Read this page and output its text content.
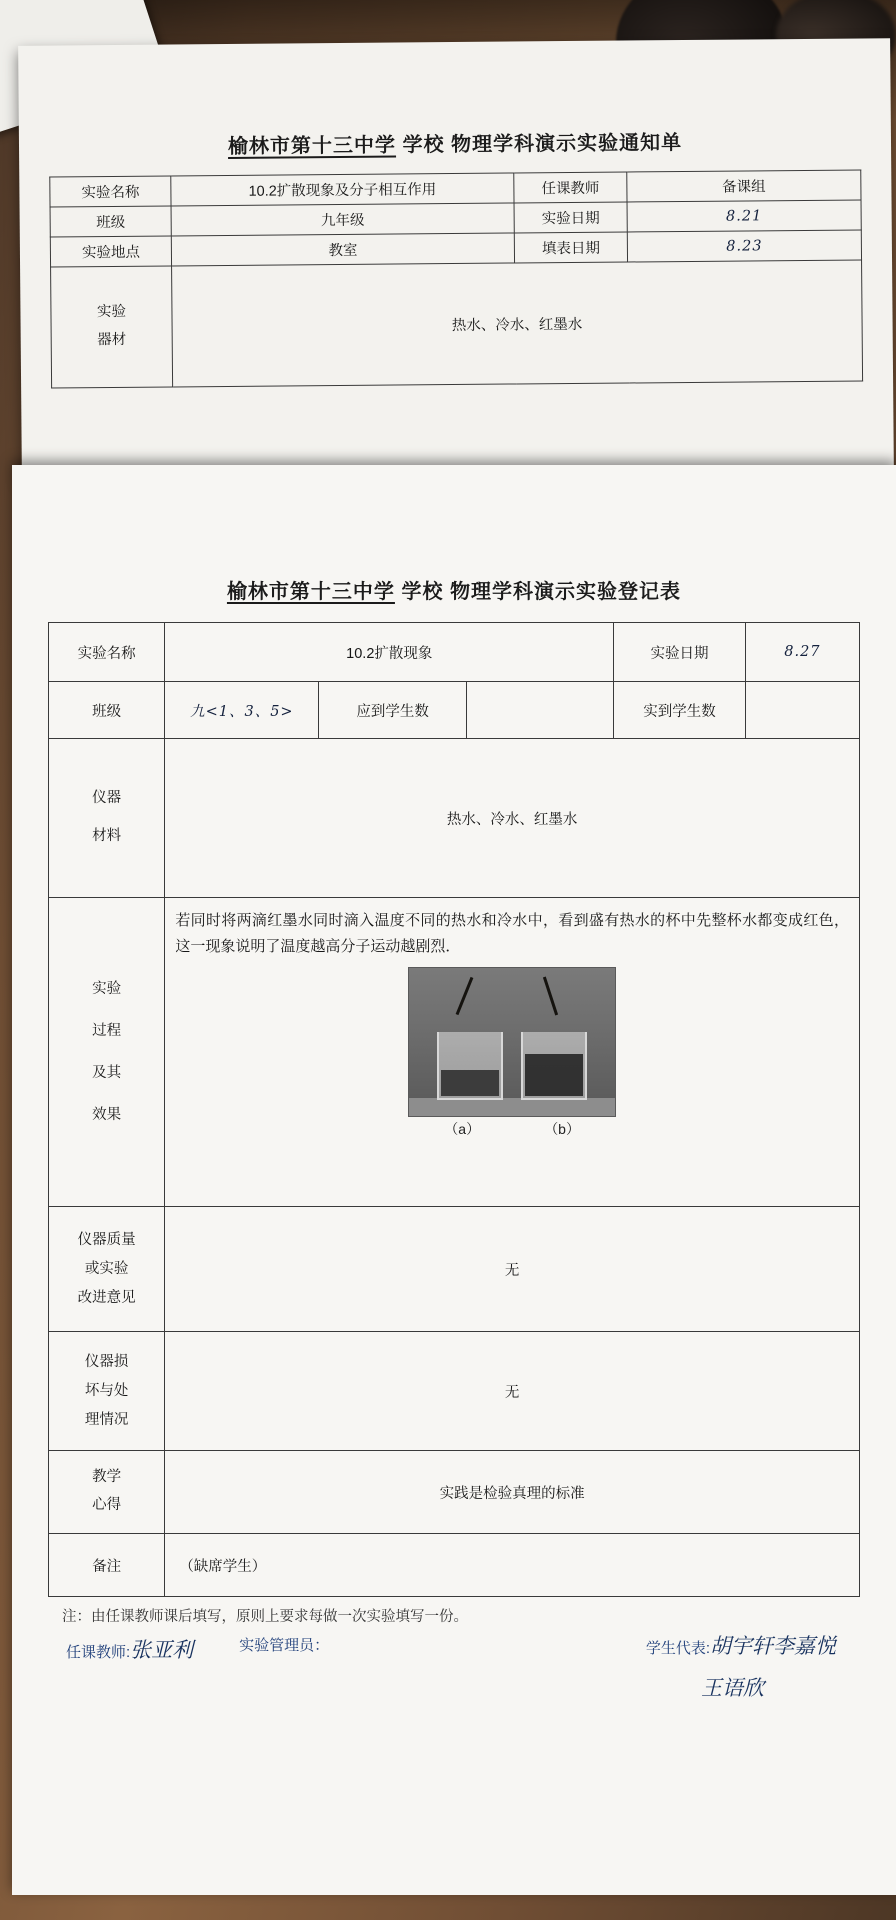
榆林市第十三中学 学校 物理学科演示实验通知单
实验名称	10.2扩散现象及分子相互作用	任课教师	备课组
班级	九年级	实验日期	8.21
实验地点	教室	填表日期	8.23

实验
器材	热水、冷水、红墨水		
榆林市第十三中学 学校 物理学科演示实验登记表
实验名称	10.2扩散现象			实验日期	8.27
班级	九<1、3、5>	应到学生数		实到学生数	

仪器
材料	热水、冷水、红墨水				

实验
过程
及其
效果

若同时将两滴红墨水同时滴入温度不同的热水和冷水中，看到盛有热水的杯中先整杯水都变成红色，这一现象说明了温度越高分子运动越剧烈．
（a）	（b）

仪器质量
或实验
改进意见	无				

仪器损
坏与处
理情况	无				

教学
心得	实践是检验真理的标准				
备注	（缺席学生）				
注：由任课教师课后填写，原则上要求每做一次实验填写一份。
任课教师:张亚利	实验管理员：	学生代表:胡宇轩李嘉悦
王语欣
